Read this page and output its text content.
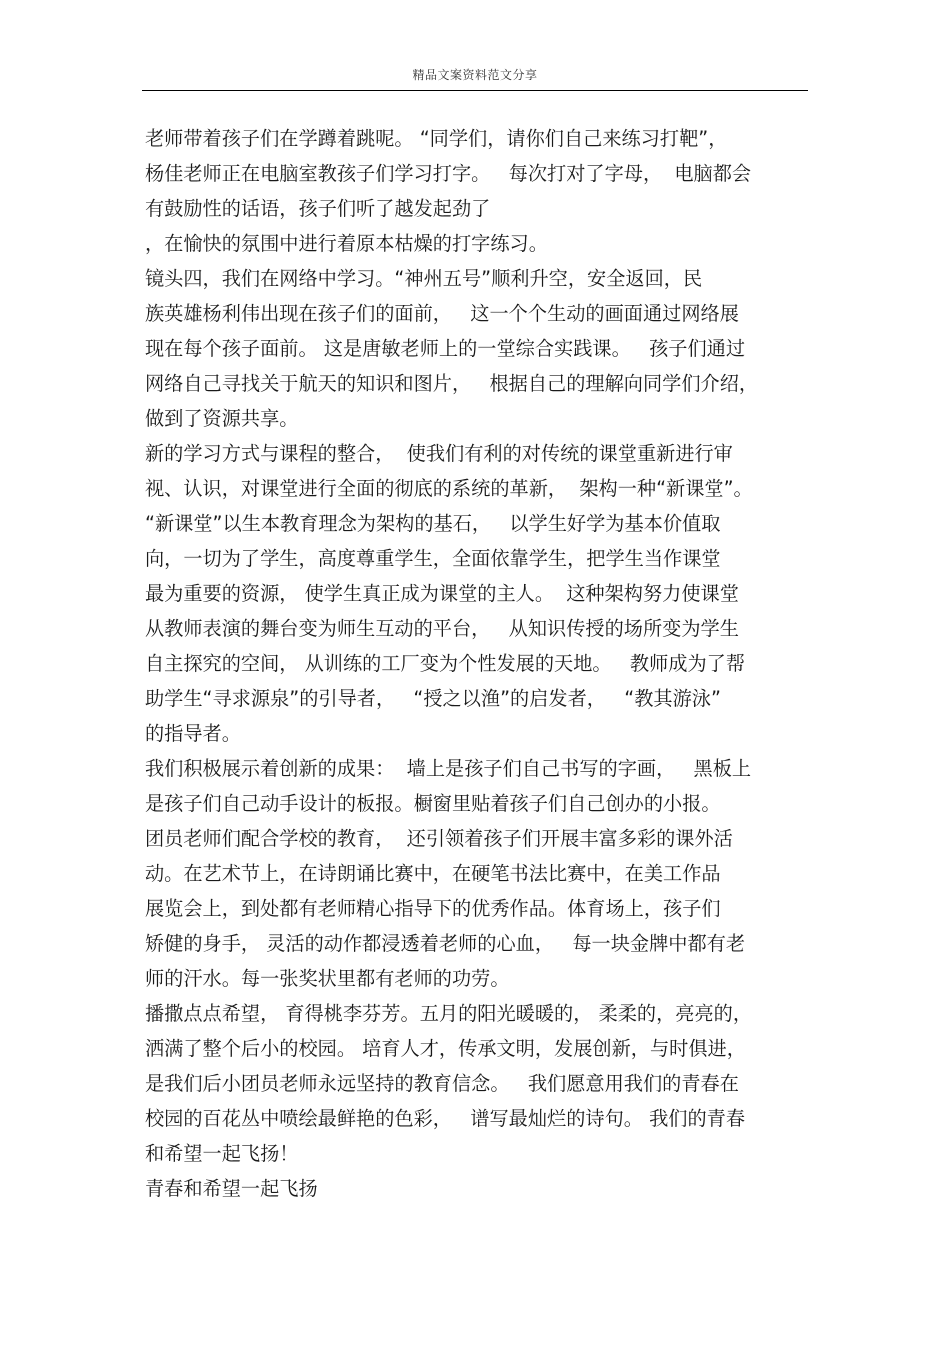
精品文案资料范文分享
老师带着孩子们在学蹲着跳呢。 “同学们，请你们自己来练习打靶”，
杨佳老师正在电脑室教孩子们学习打字。   每次打对了字母，  电脑都会
有鼓励性的话语，孩子们听了越发起劲了
，在愉快的氛围中进行着原本枯燥的打字练习。
镜头四，我们在网络中学习。“神州五号”顺利升空，安全返回，民
族英雄杨利伟出现在孩子们的面前，   这一个个生动的画面通过网络展
现在每个孩子面前。 这是唐敏老师上的一堂综合实践课。   孩子们通过
网络自己寻找关于航天的知识和图片，   根据自己的理解向同学们介绍，
做到了资源共享。
新的学习方式与课程的整合，  使我们有利的对传统的课堂重新进行审
视、认识，对课堂进行全面的彻底的系统的革新，  架构一种“新课堂”。
“新课堂”以生本教育理念为架构的基石，   以学生好学为基本价值取
向，一切为了学生，高度尊重学生，全面依靠学生，把学生当作课堂
最为重要的资源， 使学生真正成为课堂的主人。  这种架构努力使课堂
从教师表演的舞台变为师生互动的平台，   从知识传授的场所变为学生
自主探究的空间， 从训练的工厂变为个性发展的天地。   教师成为了帮
助学生“寻求源泉”的引导者，   “授之以渔”的启发者，   “教其游泳”
的指导者。
我们积极展示着创新的成果：  墙上是孩子们自己书写的字画，   黑板上
是孩子们自己动手设计的板报。橱窗里贴着孩子们自己创办的小报。
团员老师们配合学校的教育，  还引领着孩子们开展丰富多彩的课外活
动。在艺术节上，在诗朗诵比赛中，在硬笔书法比赛中，在美工作品
展览会上，到处都有老师精心指导下的优秀作品。体育场上，孩子们
矫健的身手， 灵活的动作都浸透着老师的心血，   每一块金牌中都有老
师的汗水。每一张奖状里都有老师的功劳。
播撒点点希望， 育得桃李芬芳。五月的阳光暖暖的， 柔柔的，亮亮的，
洒满了整个后小的校园。 培育人才，传承文明，发展创新，与时俱进，
是我们后小团员老师永远坚持的教育信念。   我们愿意用我们的青春在
校园的百花丛中喷绘最鲜艳的色彩，   谱写最灿烂的诗句。 我们的青春
和希望一起飞扬！
青春和希望一起飞扬
